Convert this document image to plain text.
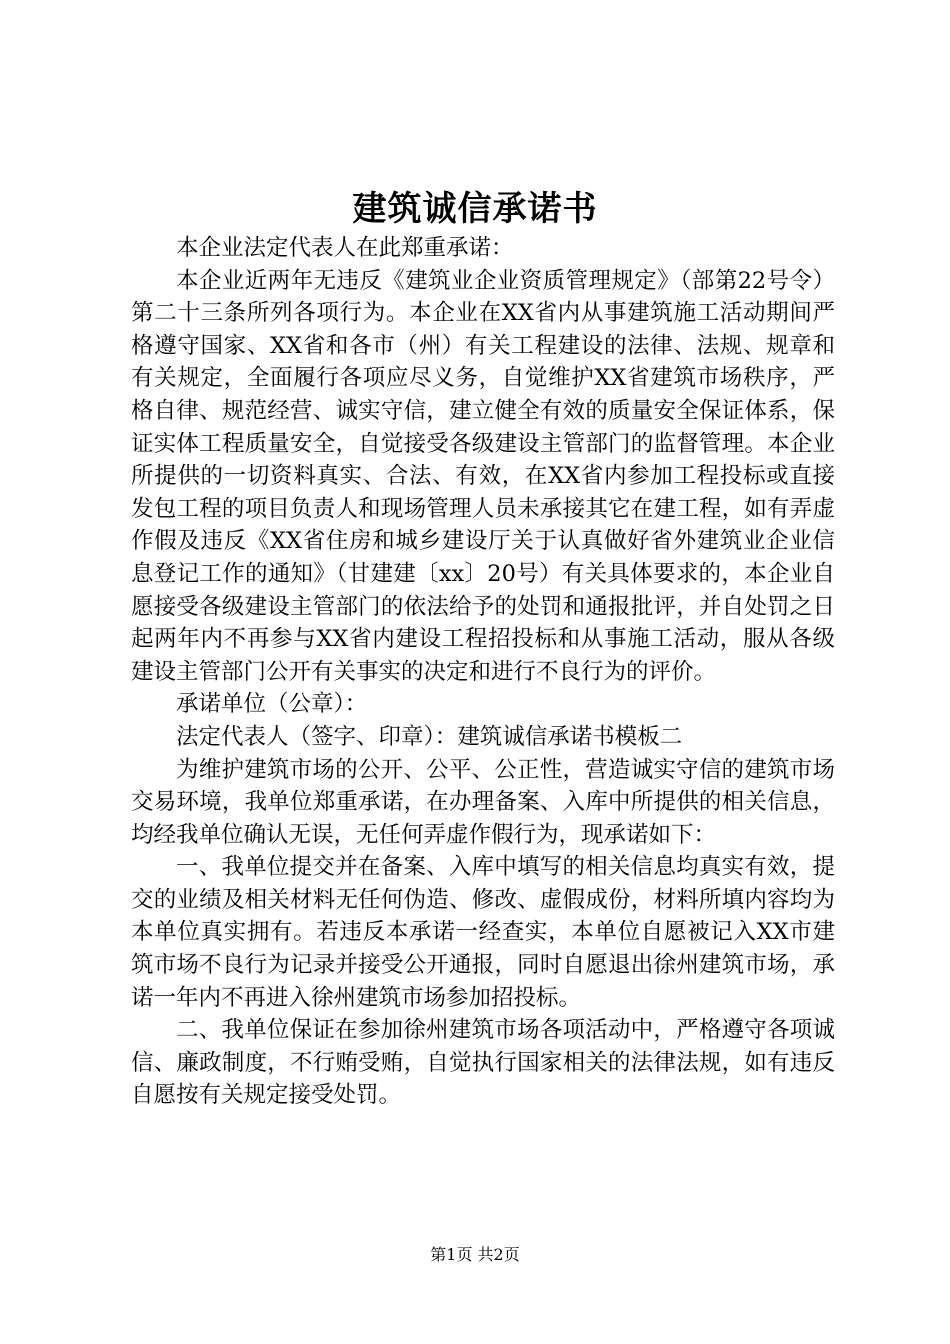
建筑诚信承诺书

本企业法定代表人在此郑重承诺：

本企业近两年无违反《建筑业企业资质管理规定》（部第22号令）第二十三条所列各项行为。本企业在XX省内从事建筑施工活动期间严格遵守国家、XX省和各市（州）有关工程建设的法律、法规、规章和有关规定，全面履行各项应尽义务，自觉维护XX省建筑市场秩序，严格自律、规范经营、诚实守信，建立健全有效的质量安全保证体系，保证实体工程质量安全，自觉接受各级建设主管部门的监督管理。本企业所提供的一切资料真实、合法、有效，在XX省内参加工程投标或直接发包工程的项目负责人和现场管理人员未承接其它在建工程，如有弄虚作假及违反《XX省住房和城乡建设厅关于认真做好省外建筑业企业信息登记工作的通知》（甘建建〔xx〕20号）有关具体要求的，本企业自愿接受各级建设主管部门的依法给予的处罚和通报批评，并自处罚之日起两年内不再参与XX省内建设工程招投标和从事施工活动，服从各级建设主管部门公开有关事实的决定和进行不良行为的评价。

承诺单位（公章）：

法定代表人（签字、印章）：建筑诚信承诺书模板二

为维护建筑市场的公开、公平、公正性，营造诚实守信的建筑市场交易环境，我单位郑重承诺，在办理备案、入库中所提供的相关信息，均经我单位确认无误，无任何弄虚作假行为，现承诺如下：

一、我单位提交并在备案、入库中填写的相关信息均真实有效，提交的业绩及相关材料无任何伪造、修改、虚假成份，材料所填内容均为本单位真实拥有。若违反本承诺一经查实，本单位自愿被记入XX市建筑市场不良行为记录并接受公开通报，同时自愿退出徐州建筑市场，承诺一年内不再进入徐州建筑市场参加招投标。

二、我单位保证在参加徐州建筑市场各项活动中，严格遵守各项诚信、廉政制度，不行贿受贿，自觉执行国家相关的法律法规，如有违反自愿按有关规定接受处罚。

第1页 共2页
